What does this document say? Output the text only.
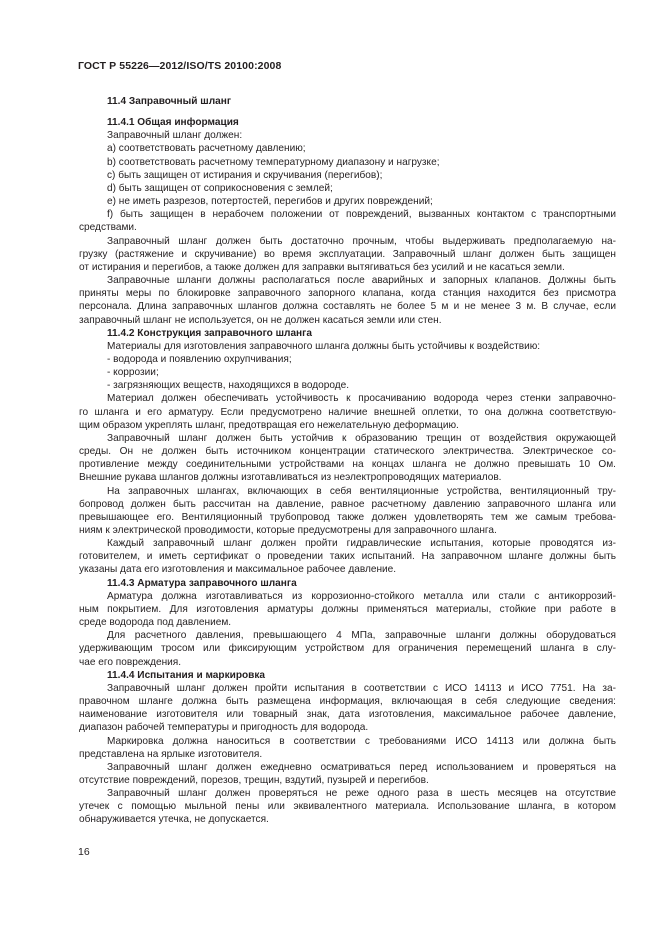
ГОСТ Р 55226—2012/ISO/TS 20100:2008
11.4 Заправочный шланг
11.4.1 Общая информация
Заправочный шланг должен:
a) соответствовать расчетному давлению;
b) соответствовать расчетному температурному диапазону и нагрузке;
c) быть защищен от истирания и скручивания (перегибов);
d) быть защищен от соприкосновения с землей;
e) не иметь разрезов, потертостей, перегибов и других повреждений;
f) быть защищен в нерабочем положении от повреждений, вызванных контактом с транспортными
средствами.
Заправочный шланг должен быть достаточно прочным, чтобы выдерживать предполагаемую на-
грузку (растяжение и скручивание) во время эксплуатации. Заправочный шланг должен быть защищен
от истирания и перегибов, а также должен для заправки вытягиваться без усилий и не касаться земли.
Заправочные шланги должны располагаться после аварийных и запорных клапанов. Должны быть
приняты меры по блокировке заправочного запорного клапана, когда станция находится без присмотра
персонала. Длина заправочных шлангов должна составлять не более 5 м и не менее 3 м. В случае, если
заправочный шланг не используется, он не должен касаться земли или стен.
11.4.2 Конструкция заправочного шланга
Материалы для изготовления заправочного шланга должны быть устойчивы к воздействию:
- водорода и появлению охрупчивания;
- коррозии;
- загрязняющих веществ, находящихся в водороде.
Материал должен обеспечивать устойчивость к просачиванию водорода через стенки заправочно-
го шланга и его арматуру. Если предусмотрено наличие внешней оплетки, то она должна соответствую-
щим образом укреплять шланг, предотвращая его нежелательную деформацию.
Заправочный шланг должен быть устойчив к образованию трещин от воздействия окружающей
среды. Он не должен быть источником концентрации статического электричества. Электрическое со-
противление между соединительными устройствами на концах шланга не должно превышать 10 Ом.
Внешние рукава шлангов должны изготавливаться из неэлектропроводящих материалов.
На заправочных шлангах, включающих в себя вентиляционные устройства, вентиляционный тру-
бопровод должен быть рассчитан на давление, равное расчетному давлению заправочного шланга или
превышающее его. Вентиляционный трубопровод также должен удовлетворять тем же самым требова-
ниям к электрической проводимости, которые предусмотрены для заправочного шланга.
Каждый заправочный шланг должен пройти гидравлические испытания, которые проводятся из-
готовителем, и иметь сертификат о проведении таких испытаний. На заправочном шланге должны быть
указаны дата его изготовления и максимальное рабочее давление.
11.4.3 Арматура заправочного шланга
Арматура должна изготавливаться из коррозионно-стойкого металла или стали с антикоррозий-
ным покрытием. Для изготовления арматуры должны применяться материалы, стойкие при работе в
среде водорода под давлением.
Для расчетного давления, превышающего 4 МПа, заправочные шланги должны оборудоваться
удерживающим тросом или фиксирующим устройством для ограничения перемещений шланга в слу-
чае его повреждения.
11.4.4 Испытания и маркировка
Заправочный шланг должен пройти испытания в соответствии с ИСО 14113 и ИСО 7751. На за-
правочном шланге должна быть размещена информация, включающая в себя следующие сведения:
наименование изготовителя или товарный знак, дата изготовления, максимальное рабочее давление,
диапазон рабочей температуры и пригодность для водорода.
Маркировка должна наноситься в соответствии с требованиями ИСО 14113 или должна быть
представлена на ярлыке изготовителя.
Заправочный шланг должен ежедневно осматриваться перед использованием и проверяться на
отсутствие повреждений, порезов, трещин, вздутий, пузырей и перегибов.
Заправочный шланг должен проверяться не реже одного раза в шесть месяцев на отсутствие
утечек с помощью мыльной пены или эквивалентного материала. Использование шланга, в котором
обнаруживается утечка, не допускается.
16
